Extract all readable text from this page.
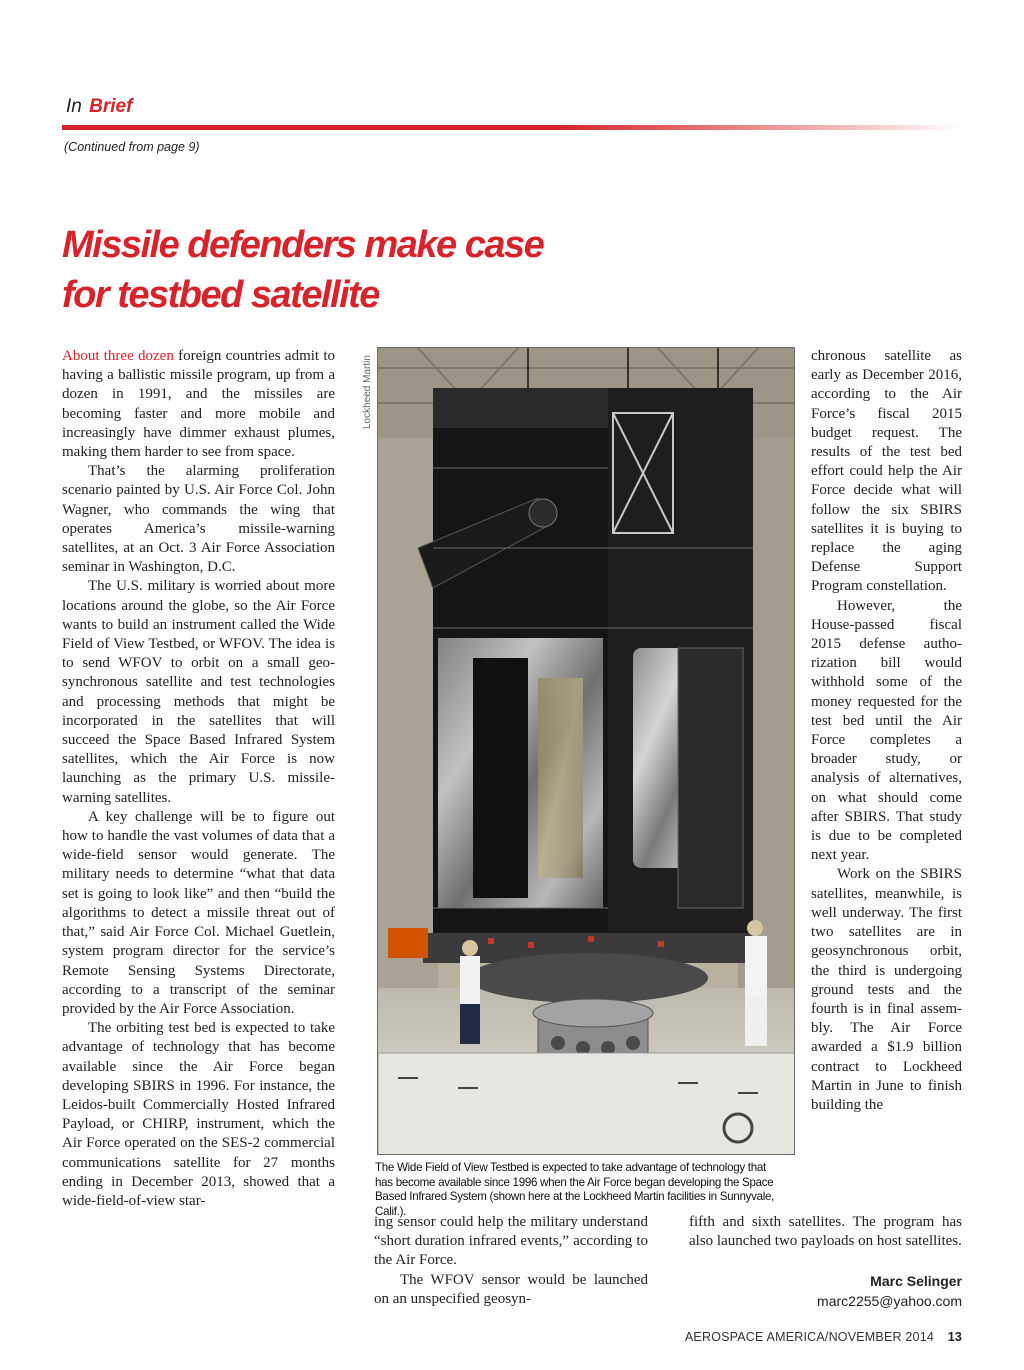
In Brief
(Continued from page 9)
Missile defenders make case
for testbed satellite

About three dozen foreign countries admit to having a ballistic missile program, up from a dozen in 1991, and the missiles are becoming faster and more mobile and increasingly have dimmer exhaust plumes, making them harder to see from space.

That’s the alarming proliferation scenario painted by U.S. Air Force Col. John Wagner, who commands the wing that operates America’s missile-warning satellites, at an Oct. 3 Air Force Association seminar in Washington, D.C.

The U.S. military is worried about more locations around the globe, so the Air Force wants to build an instrument called the Wide Field of View Testbed, or WFOV. The idea is to send WFOV to orbit on a small geosynchronous satellite and test technologies and processing methods that might be incorporated in the satellites that will succeed the Space Based Infrared System satellites, which the Air Force is now launching as the primary U.S. missile-warning satellites.

A key challenge will be to figure out how to handle the vast volumes of data that a wide-field sensor would generate. The military needs to determine “what that data set is going to look like” and then “build the algorithms to detect a missile threat out of that,” said Air Force Col. Michael Guetlein, system program director for the service’s Remote Sensing Systems Directorate, according to a transcript of the seminar provided by the Air Force Association.

The orbiting test bed is expected to take advantage of technology that has become available since the Air Force began developing SBIRS in 1996. For instance, the Leidos-built Commercially Hosted Infrared Payload, or CHIRP, instrument, which the Air Force operated on the SES-2 commercial communications satellite for 27 months ending in December 2013, showed that a wide-field-of-view star-

Lockheed Martin
The Wide Field of View Testbed is expected to take advantage of technology that has become available since 1996 when the Air Force began developing the Space Based Infrared System (shown here at the Lockheed Martin facilities in Sunnyvale, Calif.).

ing sensor could help the military understand “short duration infrared events,” according to the Air Force.

The WFOV sensor would be launched on an unspecified geosyn-

chronous satellite as early as December 2016, according to the Air Force’s fiscal 2015 budget request. The results of the test bed effort could help the Air Force decide what will follow the six SBIRS satellites it is buying to replace the aging Defense Support Program constellation.

However, the House-passed fiscal 2015 defense authorization bill would withhold some of the money requested for the test bed until the Air Force completes a broader study, or analysis of alternatives, on what should come after SBIRS. That study is due to be completed next year.

Work on the SBIRS satellites, meanwhile, is well underway. The first two satellites are in geosynchronous orbit, the third is undergoing ground tests and the fourth is in final assembly. The Air Force awarded a $1.9 billion contract to Lockheed Martin in June to finish building the

fifth and sixth satellites. The program has also launched two payloads on host satellites.

Marc Selinger
marc2255@yahoo.com
AEROSPACE AMERICA/NOVEMBER 2014 13
